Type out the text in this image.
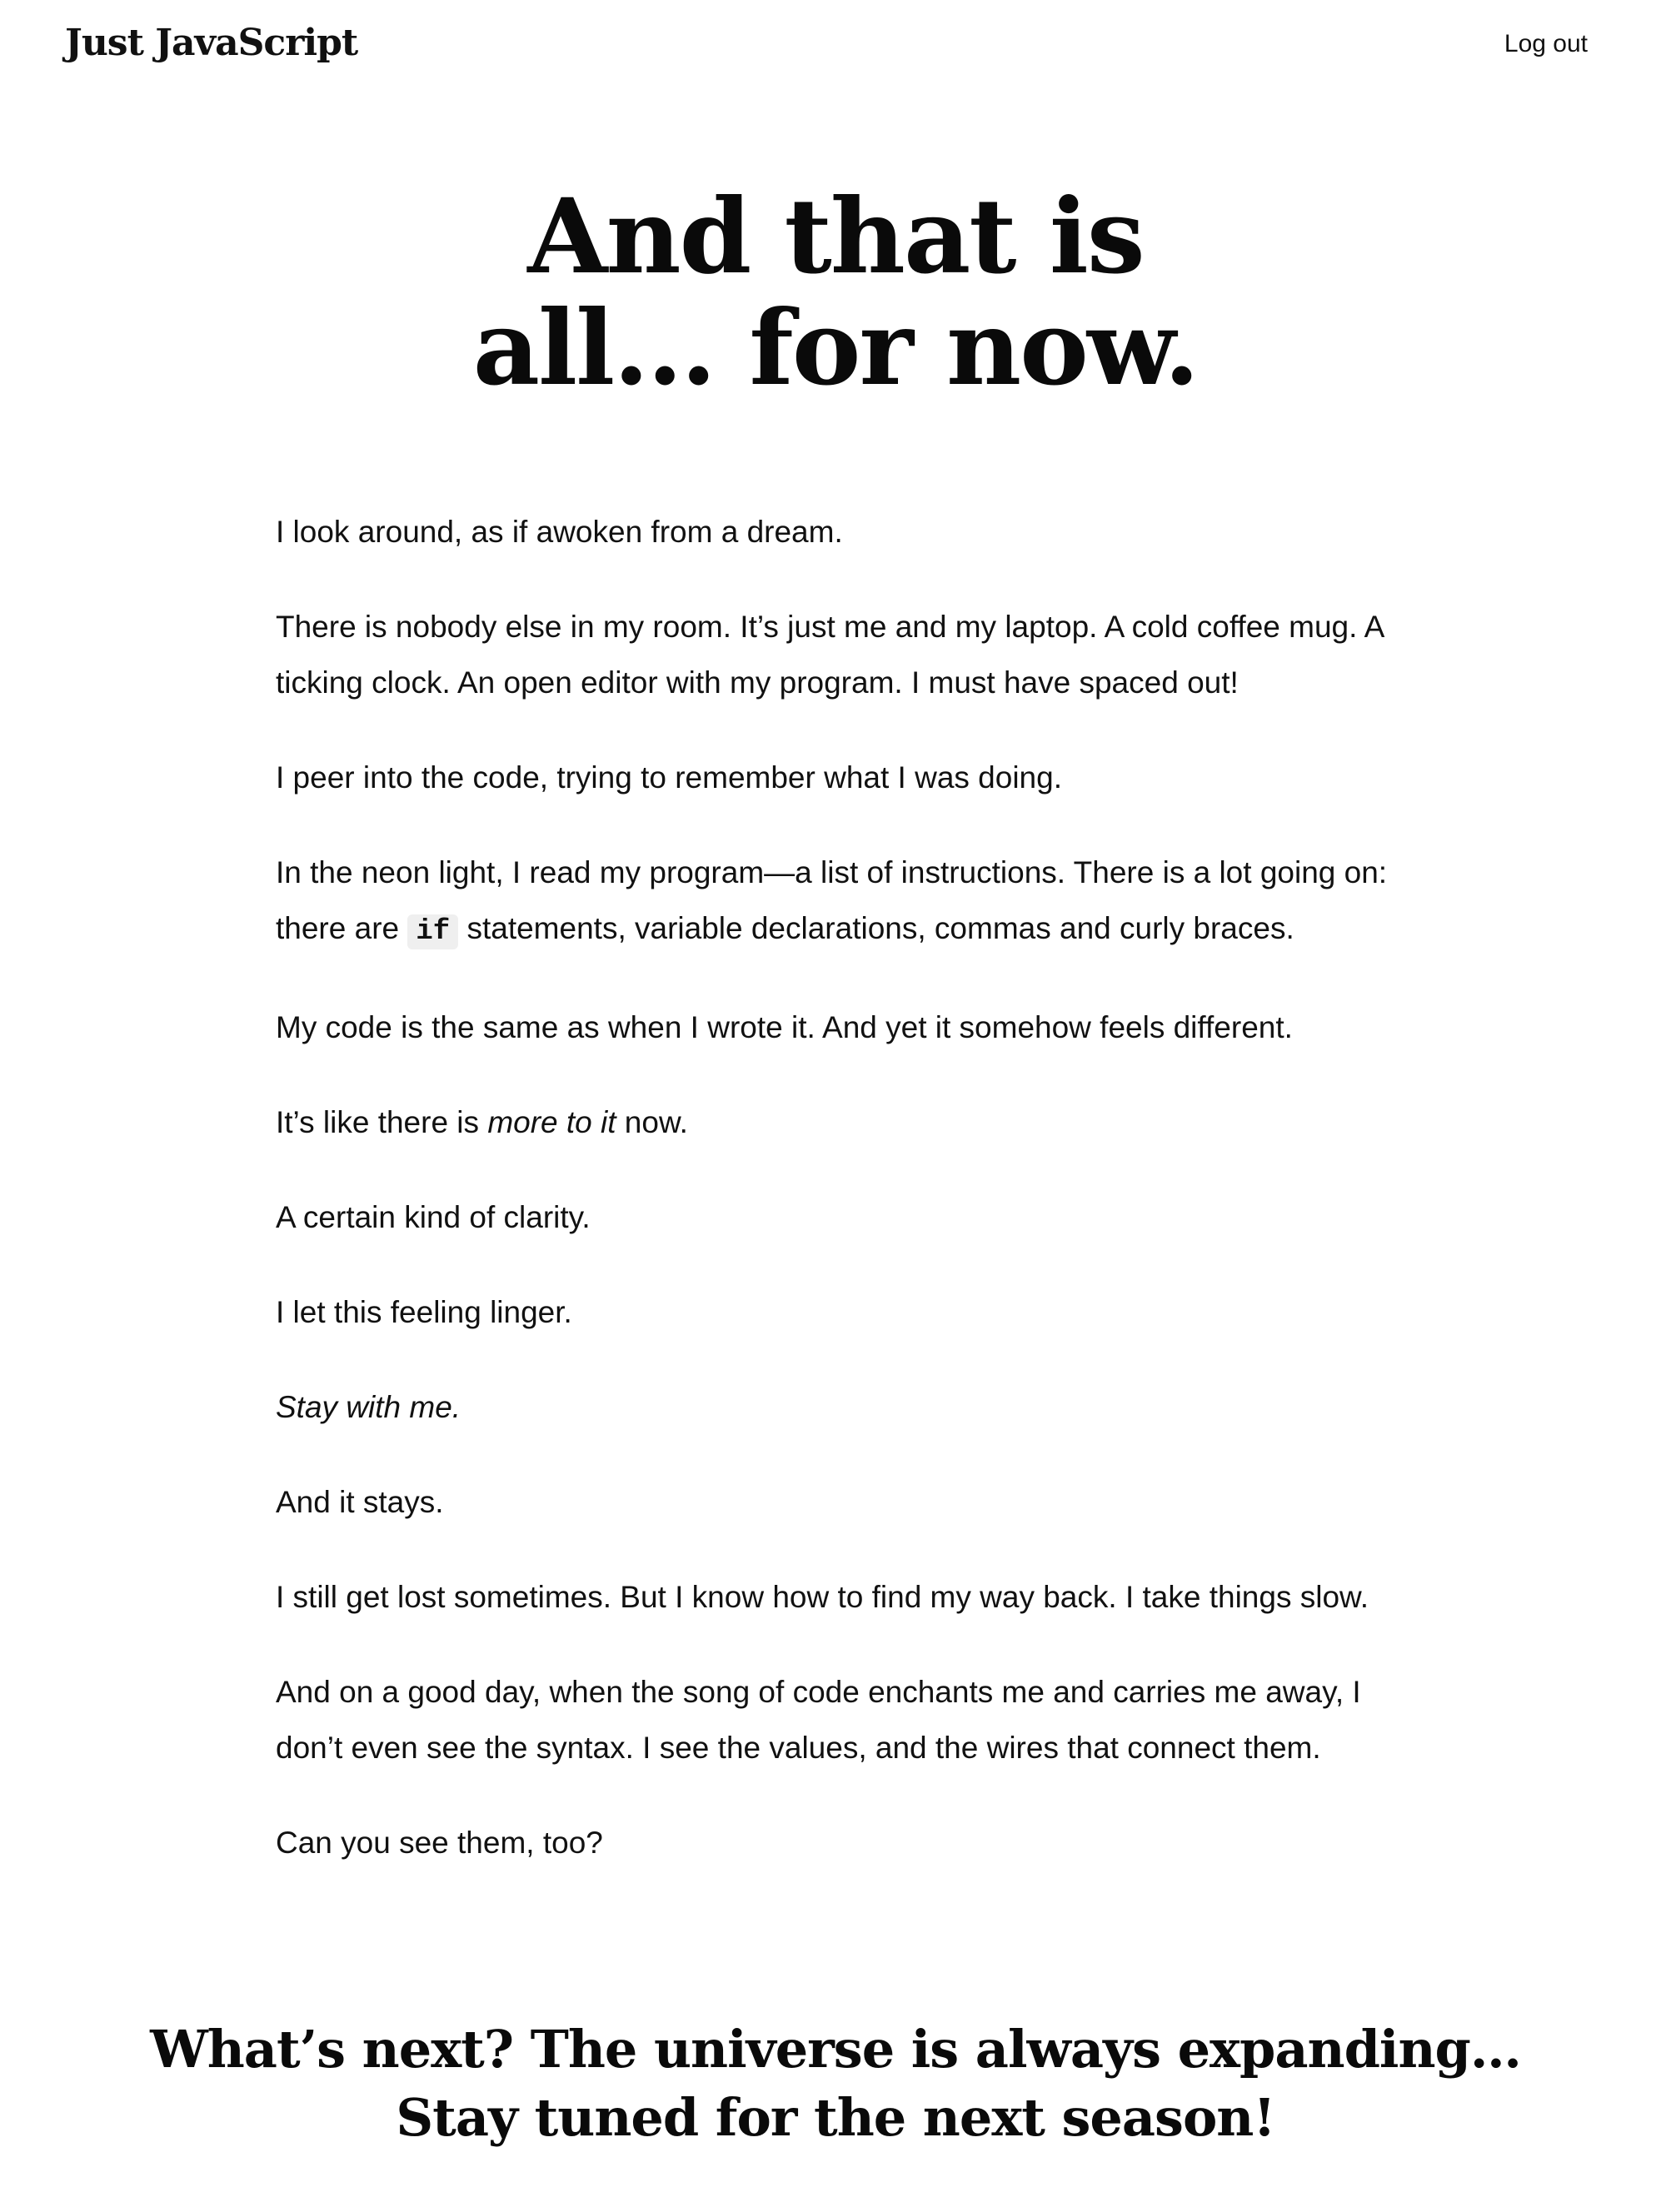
Just JavaScript	Log out
And that is
all… for now.

I look around, as if awoken from a dream.

There is nobody else in my room. It’s just me and my laptop. A cold coffee mug. A ticking clock. An open editor with my program. I must have spaced out!

I peer into the code, trying to remember what I was doing.

In the neon light, I read my program—a list of instructions. There is a lot going on: there are if statements, variable declarations, commas and curly braces.

My code is the same as when I wrote it. And yet it somehow feels different.

It’s like there is more to it now.

A certain kind of clarity.

I let this feeling linger.

Stay with me.

And it stays.

I still get lost sometimes. But I know how to find my way back. I take things slow.

And on a good day, when the song of code enchants me and carries me away, I don’t even see the syntax. I see the values, and the wires that connect them.

Can you see them, too?

What’s next? The universe is always expanding…
Stay tuned for the next season!
